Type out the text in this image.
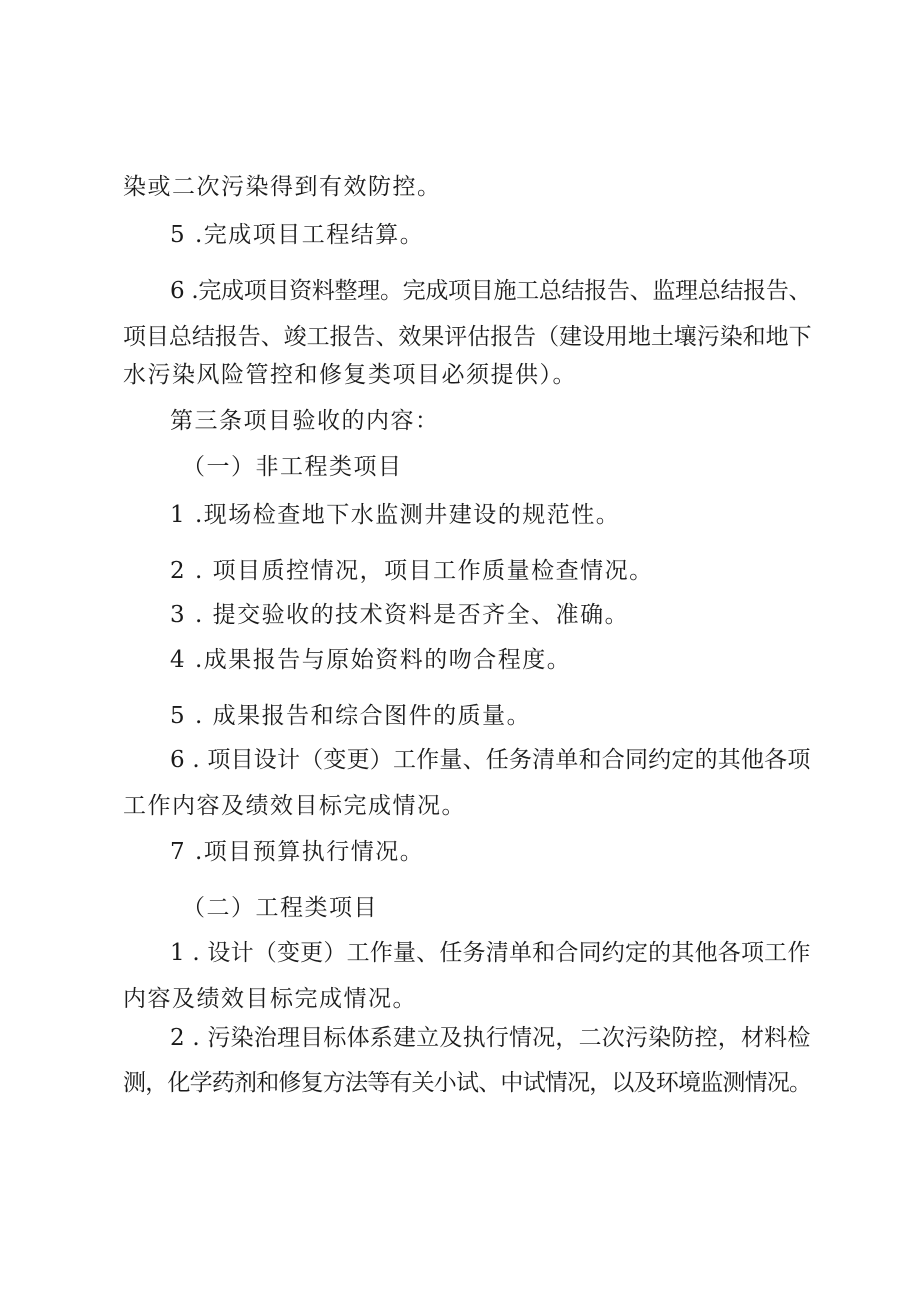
染或二次污染得到有效防控。
5 .完成项目工程结算。
6 .完成项目资料整理。完成项目施工总结报告、监理总结报告、
项目总结报告、竣工报告、效果评估报告（建设用地土壤污染和地下
水污染风险管控和修复类项目必须提供）。
第三条项目验收的内容：
（一）非工程类项目
1 .现场检查地下水监测井建设的规范性。
2 . 项目质控情况，项目工作质量检查情况。
3 . 提交验收的技术资料是否齐全、准确。
4 .成果报告与原始资料的吻合程度。
5 . 成果报告和综合图件的质量。
6 . 项目设计（变更）工作量、任务清单和合同约定的其他各项
工作内容及绩效目标完成情况。
7 .项目预算执行情况。
（二）工程类项目
1 . 设计（变更）工作量、任务清单和合同约定的其他各项工作
内容及绩效目标完成情况。
2 . 污染治理目标体系建立及执行情况，二次污染防控，材料检
测，化学药剂和修复方法等有关小试、中试情况，以及环境监测情况。
